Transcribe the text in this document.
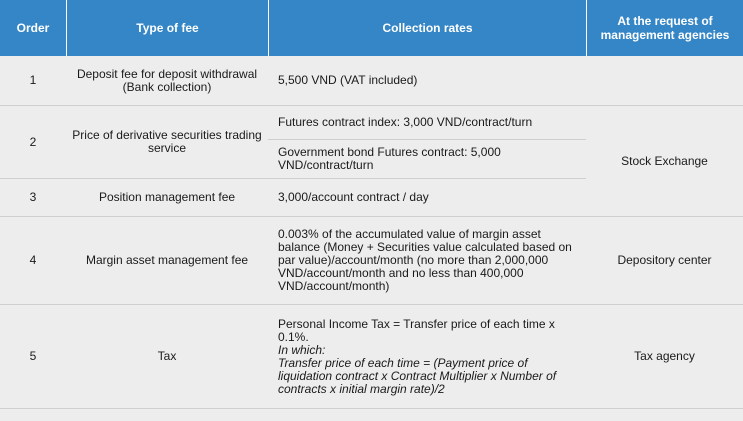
Order	Type of fee	Collection rates	At the request of management agencies
1	Deposit fee for deposit withdrawal (Bank collection)	5,500 VND (VAT included)	
2	Price of derivative securities trading service	Futures contract index: 3,000 VND/contract/turn	Stock Exchange
		Government bond Futures contract: 5,000 VND/contract/turn	
3	Position management fee	3,000/account contract / day	
4	Margin asset management fee	0.003% of the accumulated value of margin asset balance (Money + Securities value calculated based on par value)/account/month (no more than 2,000,000 VND/account/month and no less than 400,000 VND/account/month)	Depository center
5	Tax	Personal Income Tax = Transfer price of each time x 0.1%.
In which:
Transfer price of each time = (Payment price of liquidation contract x Contract Multiplier x Number of contracts x initial margin rate)/2	Tax agency
